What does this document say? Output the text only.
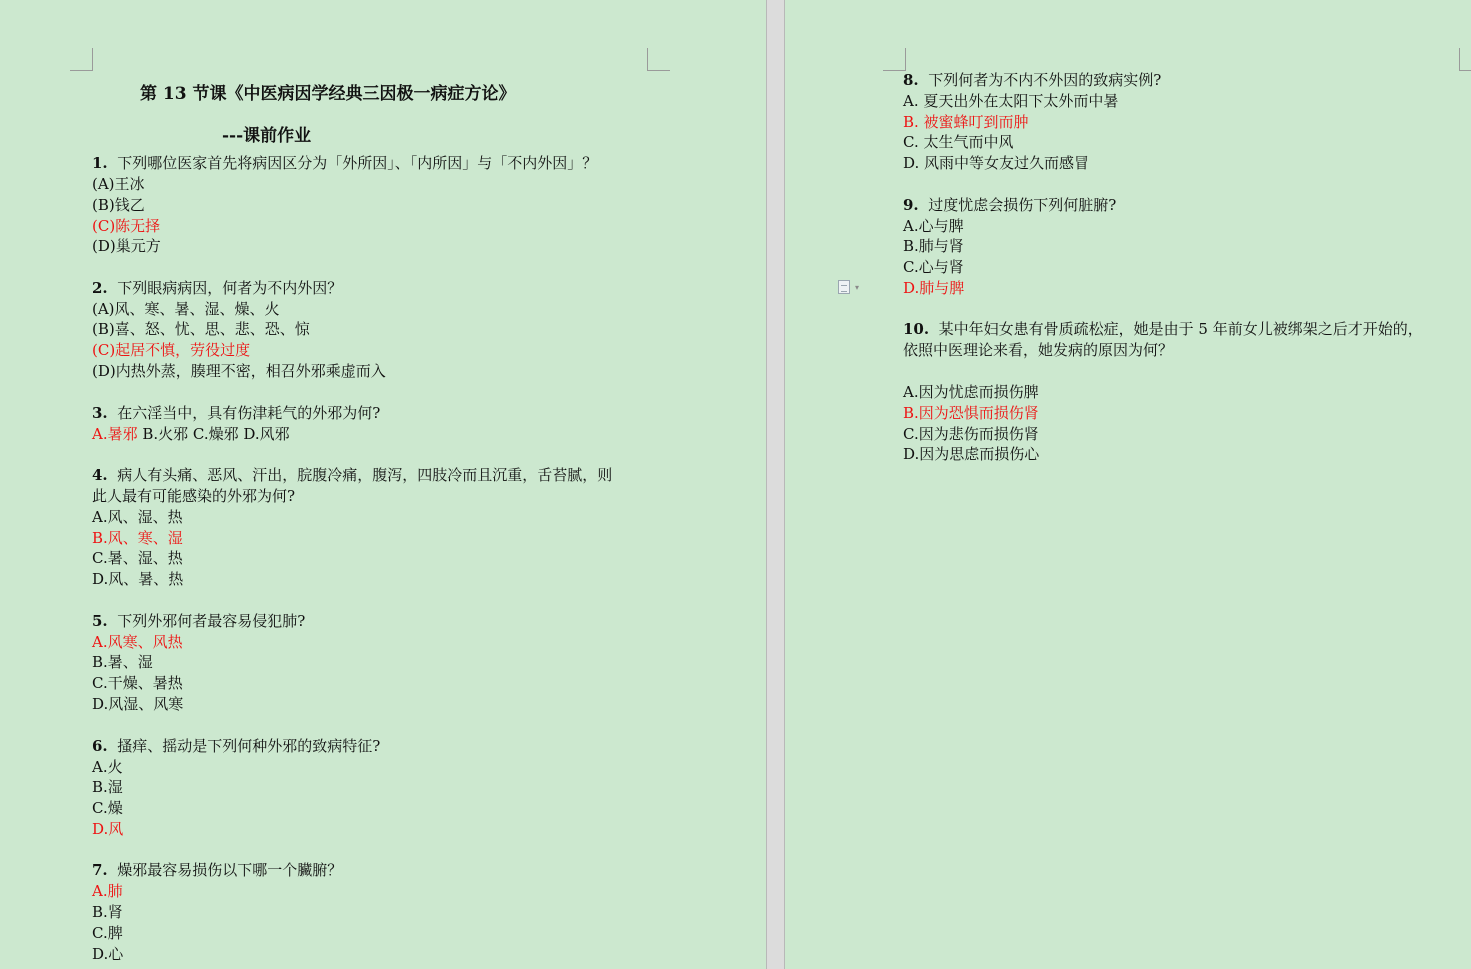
第 13 节课《中医病因学经典三因极一病症方论》
---课前作业
1. 下列哪位医家首先将病因区分为「外所因」、「内所因」与「不内外因」？
(A)王冰
(B)钱乙
(C)陈无择
(D)巢元方
2. 下列眼病病因，何者为不内外因？
(A)风、寒、暑、湿、燥、火
(B)喜、怒、忧、思、悲、恐、惊
(C)起居不慎，劳役过度
(D)内热外蒸，腠理不密，相召外邪乘虚而入
3. 在六淫当中，具有伤津耗气的外邪为何?
A.暑邪 B.火邪 C.燥邪 D.风邪
4. 病人有头痛、恶风、汗出，脘腹冷痛，腹泻，四肢冷而且沉重，舌苔腻，则
此人最有可能感染的外邪为何?
A.风、湿、热
B.风、寒、湿
C.暑、湿、热
D.风、暑、热
5. 下列外邪何者最容易侵犯肺?
A.风寒、风热
B.暑、湿
C.干燥、暑热
D.风湿、风寒
6. 搔痒、摇动是下列何种外邪的致病特征?
A.火
B.湿
C.燥
D.风
7. 燥邪最容易损伤以下哪一个臟腑？
A.肺
B.肾
C.脾
D.心
8. 下列何者为不内不外因的致病实例?
A. 夏天出外在太阳下太外而中暑
B. 被蜜蜂叮到而肿
C. 太生气而中风
D. 风雨中等女友过久而感冒
9. 过度忧虑会损伤下列何脏腑?
A.心与脾
B.肺与肾
C.心与肾
D.肺与脾
10. 某中年妇女患有骨质疏松症，她是由于 5 年前女儿被绑架之后才开始的，
依照中医理论来看，她发病的原因为何？
A.因为忧虑而损伤脾
B.因为恐惧而损伤肾
C.因为悲伤而损伤肾
D.因为思虑而损伤心
▾
